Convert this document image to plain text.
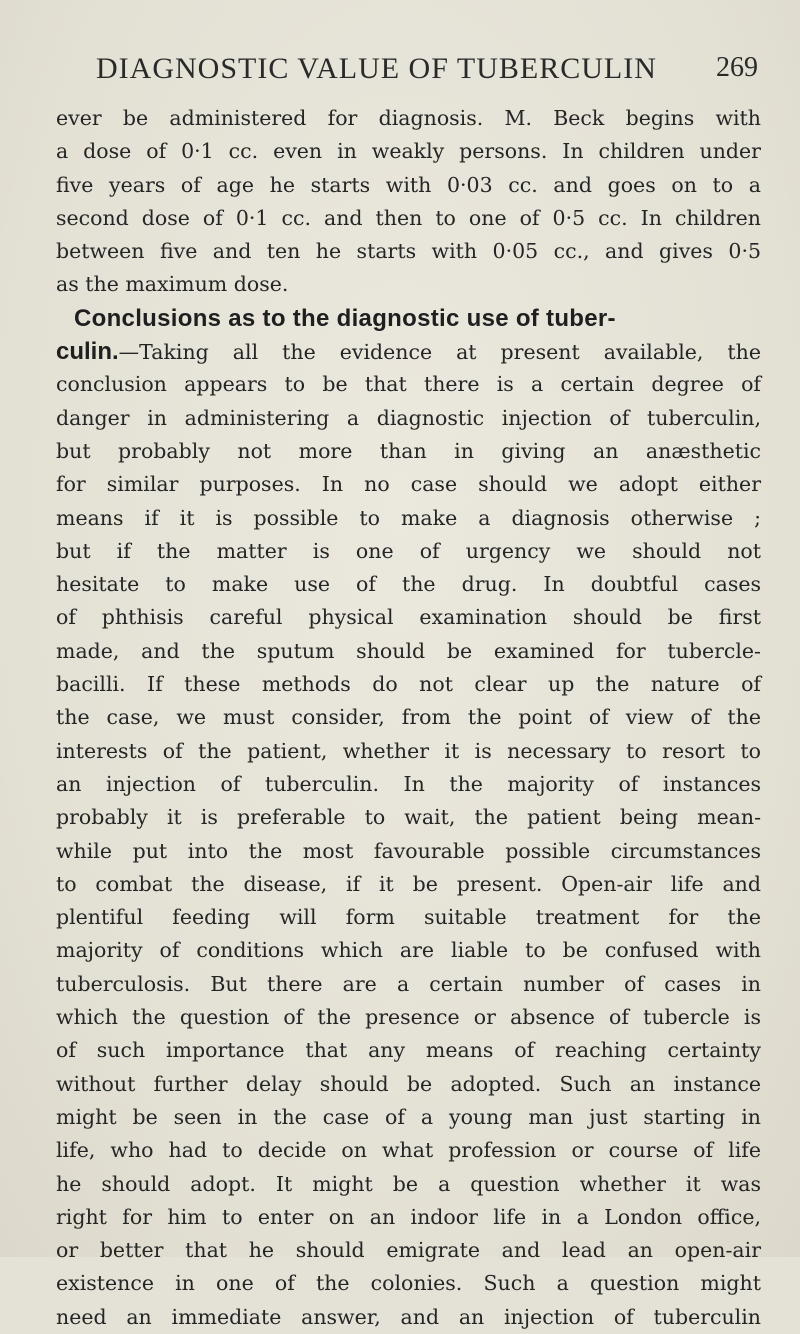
DIAGNOSTIC VALUE OF TUBERCULIN 269
ever be administered for diagnosis. M. Beck begins with
a dose of 0·1 cc. even in weakly persons. In children under
five years of age he starts with 0·03 cc. and goes on to a
second dose of 0·1 cc. and then to one of 0·5 cc. In children
between five and ten he starts with 0·05 cc., and gives 0·5
as the maximum dose.
Conclusions as to the diagnostic use of tuber-
culin.—Taking all the evidence at present available, the
conclusion appears to be that there is a certain degree of
danger in administering a diagnostic injection of tuberculin,
but probably not more than in giving an anæsthetic
for similar purposes. In no case should we adopt either
means if it is possible to make a diagnosis otherwise ;
but if the matter is one of urgency we should not
hesitate to make use of the drug. In doubtful cases
of phthisis careful physical examination should be first
made, and the sputum should be examined for tubercle-
bacilli. If these methods do not clear up the nature of
the case, we must consider, from the point of view of the
interests of the patient, whether it is necessary to resort to
an injection of tuberculin. In the majority of instances
probably it is preferable to wait, the patient being mean-
while put into the most favourable possible circumstances
to combat the disease, if it be present. Open-air life and
plentiful feeding will form suitable treatment for the
majority of conditions which are liable to be confused with
tuberculosis. But there are a certain number of cases in
which the question of the presence or absence of tubercle is
of such importance that any means of reaching certainty
without further delay should be adopted. Such an instance
might be seen in the case of a young man just starting in
life, who had to decide on what profession or course of life
he should adopt. It might be a question whether it was
right for him to enter on an indoor life in a London office,
or better that he should emigrate and lead an open-air
existence in one of the colonies. Such a question might
need an immediate answer, and an injection of tuberculin
